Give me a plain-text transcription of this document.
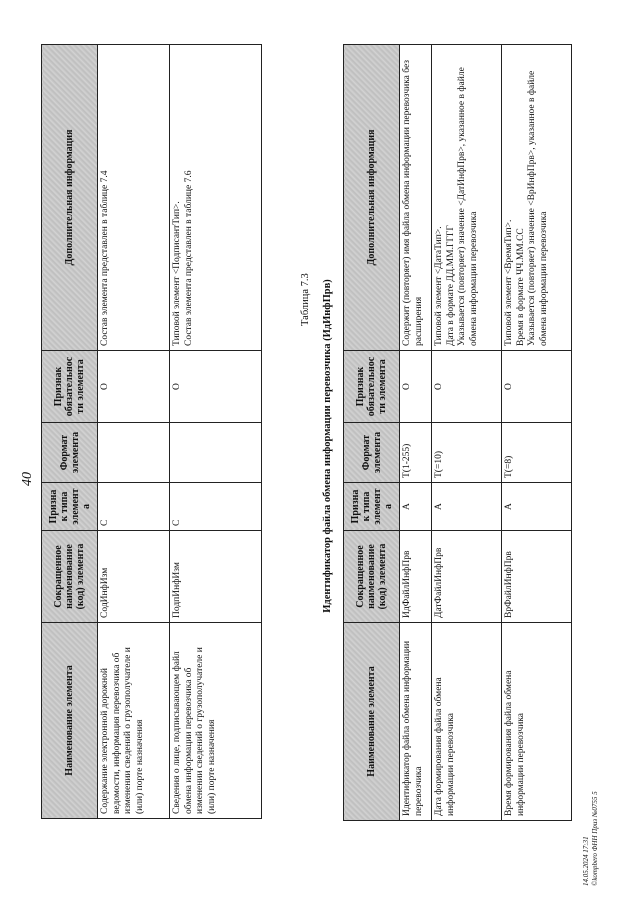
40
Наименование элемента	Сокращенное наименование (код) элемента	Признак типа элемента	Формат элемента	Признак обязательности элемента	Дополнительная информация
Содержание электронной дорожной ведомости, информация перевозчика об изменении сведений о грузополучателе и (или) порте назначения	СодИнфИзм	С		О	Состав элемента представлен в таблице 7.4
Сведения о лице, подписывающем файл обмена информации перевозчика об изменении сведений о грузополучателе и (или) порте назначения	ПодпИнфИзм	С		О	Типовой элемент <ПодписантТип>.
Состав элемента представлен в таблице 7.6
Таблица 7.3 Идентификатор файла обмена информации перевозчика (ИдИнфПрв)
Наименование элемента	Сокращенное наименование (код) элемента	Признак типа элемента	Формат элемента	Признак обязательности элемента	Дополнительная информация
Идентификатор файла обмена информации перевозчика	ИдФайлИнфПрв	А	T(1-255)	О	Содержит (повторяет) имя файла обмена информации перевозчика без расширения
Дата формирования файла обмена информации перевозчика	ДатФайлИнфПрв	А	T(=10)	О	Типовой элемент <ДатаТип>.
Дата в формате ДД.ММ.ГГГГ
Указывается (повторяет) значение <ДатИнфПрв>, указанное в файле обмена информации перевозчика
Время формирования файла обмена информации перевозчика	ВрФайлИнфПрв	А	T(=8)	О	Типовой элемент <ВремяТип>.
Время в формате ЧЧ.ММ.СС
Указывается (повторяет) значение <ВрИнфПрв>, указанное в файле обмена информации перевозчика
14.05.2024 17:31 ©kompbero ФНН Приз №0755 5
